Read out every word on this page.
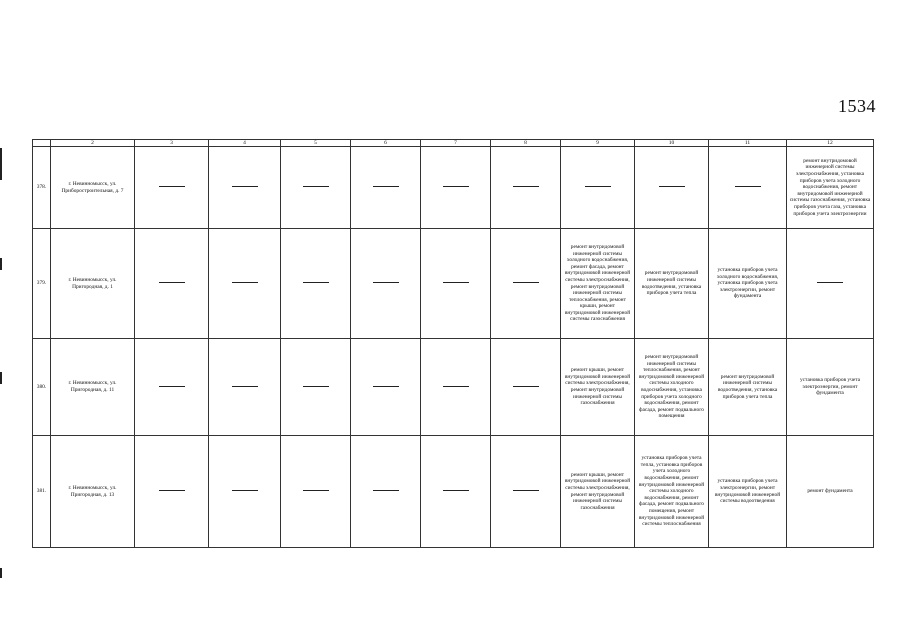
1534
	2	3	4	5	6	7	8	9	10	11	12
378.	г. Невинномысск, ул. Приборостроительная, д. 7										ремонт внутридомовой инженерной системы электроснабжения, установка приборов учета холодного водоснабжения, ремонт внутридомовой инженерной системы газоснабжения, установка приборов учета газа, установка приборов учета электроэнергии
379.	г. Невинномысск, ул. Пригородная, д. 1							ремонт внутридомовой инженерной системы холодного водоснабжения, ремонт фасада, ремонт внутридомовой инженерной системы электроснабжения, ремонт внутридомовой инженерной системы теплоснабжения, ремонт крыши, ремонт внутридомовой инженерной системы газоснабжения	ремонт внутридомовой инженерной системы водоотведения, установка приборов учета тепла	установка приборов учета холодного водоснабжения, установка приборов учета электроэнергии, ремонт фундамента	
380.	г. Невинномысск, ул. Пригородная, д. 11							ремонт крыши, ремонт внутридомовой инженерной системы электроснабжения, ремонт внутридомовой инженерной системы газоснабжения	ремонт внутридомовой инженерной системы теплоснабжения, ремонт внутридомовой инженерной системы холодного водоснабжения, установка приборов учета холодного водоснабжения, ремонт фасада, ремонт подвального помещения	ремонт внутридомовой инженерной системы водоотведения, установка приборов учета тепла	установка приборов учета электроэнергии, ремонт фундамента
381.	г. Невинномысск, ул. Пригородная, д. 13							ремонт крыши, ремонт внутридомовой инженерной системы электроснабжения, ремонт внутридомовой инженерной системы газоснабжения	установка приборов учета тепла, установка приборов учета холодного водоснабжения, ремонт внутридомовой инженерной системы холодного водоснабжения, ремонт фасада, ремонт подвального помещения, ремонт внутридомовой инженерной системы теплоснабжения	установка приборов учета электроэнергии, ремонт внутридомовой инженерной системы водоотведения	ремонт фундамента
